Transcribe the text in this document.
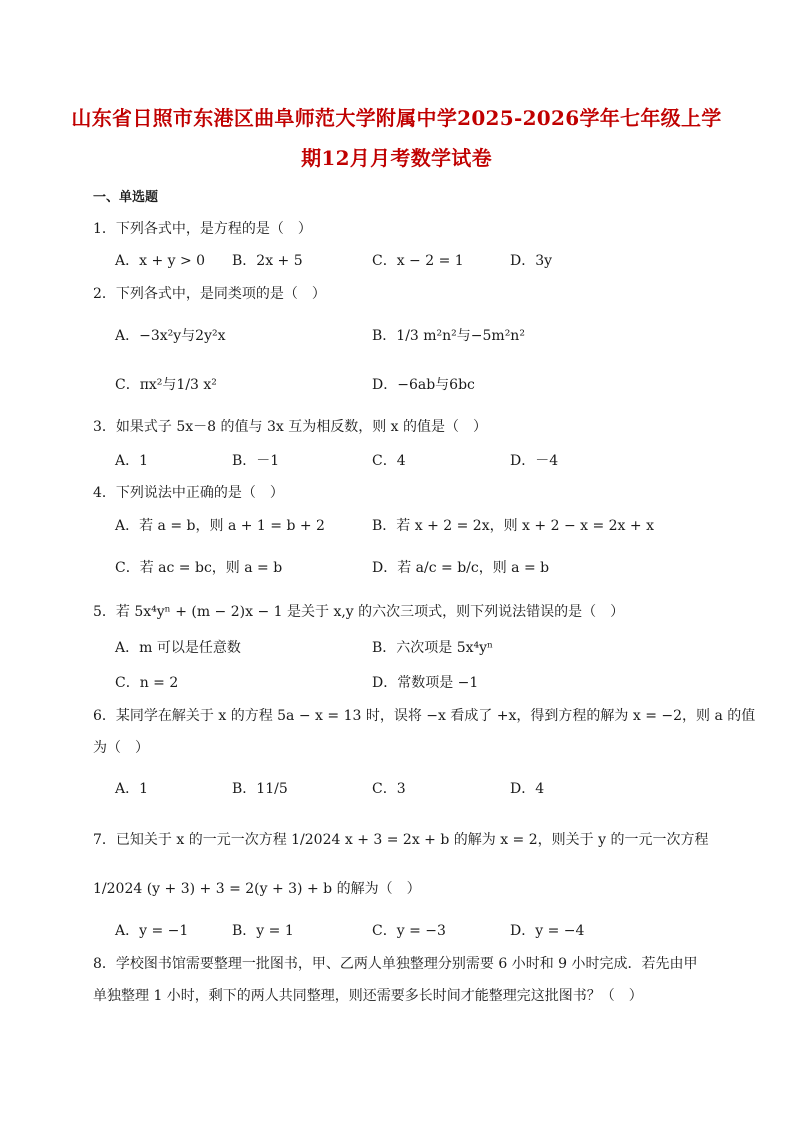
山东省日照市东港区曲阜师范大学附属中学2025-2026学年七年级上学
期12月月考数学试卷
一、单选题
1．下列各式中，是方程的是（　）
A．x + y > 0 B．2x + 5	C．x − 2 = 1	D．3y
2．下列各式中，是同类项的是（　）
A．−3x²y与2y²x	B．1/3 m²n²与−5m²n²
C．πx²与1/3 x²	D．−6ab与6bc
3．如果式子 5x－8 的值与 3x 互为相反数，则 x 的值是（　）
A．1	B．－1	C．4	D．－4
4．下列说法中正确的是（　）
A．若 a = b，则 a + 1 = b + 2	B．若 x + 2 = 2x，则 x + 2 − x = 2x + x
C．若 ac = bc，则 a = b	D．若 a/c = b/c，则 a = b
5．若 5x⁴yⁿ + (m − 2)x − 1 是关于 x,y 的六次三项式，则下列说法错误的是（　）
A．m 可以是任意数	B．六次项是 5x⁴yⁿ
C．n = 2	D．常数项是 −1
6．某同学在解关于 x 的方程 5a − x = 13 时，误将 −x 看成了 +x，得到方程的解为 x = −2，则 a 的值
为（　）
A．1	B．11/5	C．3	D．4
7．已知关于 x 的一元一次方程 1/2024 x + 3 = 2x + b 的解为 x = 2，则关于 y 的一元一次方程
1/2024 (y + 3) + 3 = 2(y + 3) + b 的解为（　）
A．y = −1	B．y = 1	C．y = −3	D．y = −4
8．学校图书馆需要整理一批图书，甲、乙两人单独整理分别需要 6 小时和 9 小时完成．若先由甲
单独整理 1 小时，剩下的两人共同整理，则还需要多长时间才能整理完这批图书？（　）
